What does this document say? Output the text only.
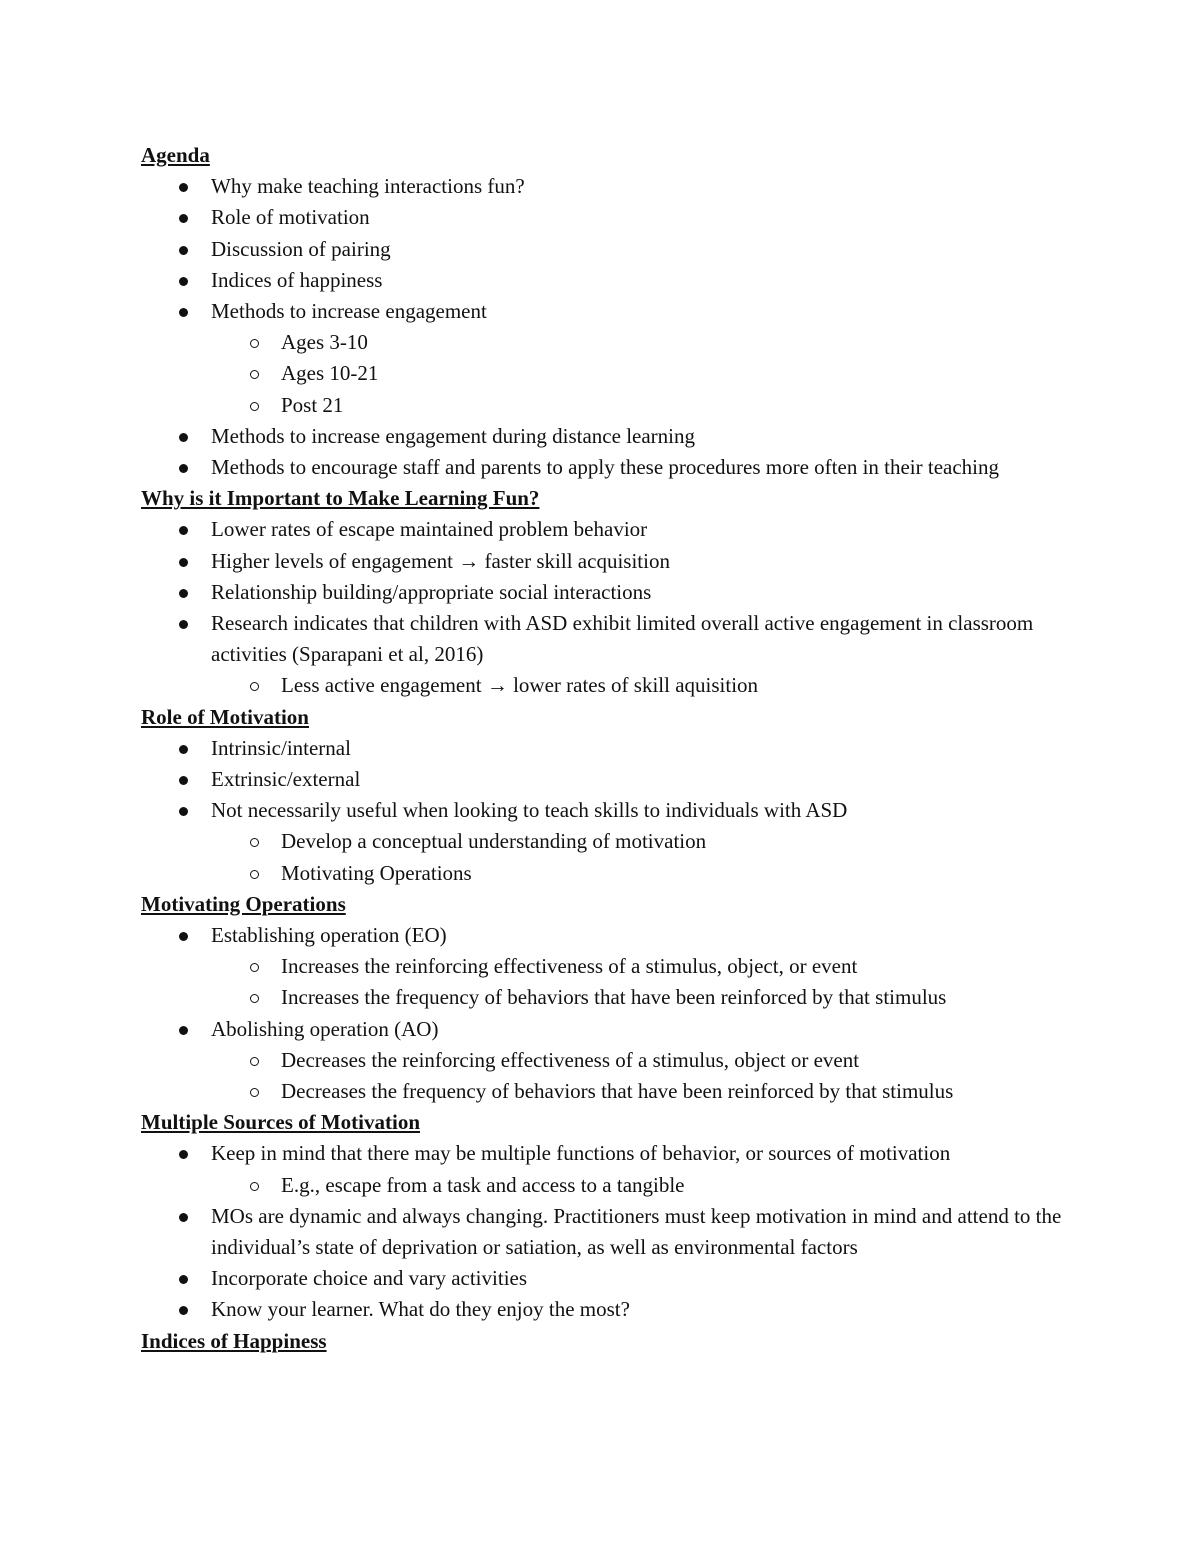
Agenda
Why make teaching interactions fun?
Role of motivation
Discussion of pairing
Indices of happiness
Methods to increase engagement
Ages 3-10
Ages 10-21
Post 21
Methods to increase engagement during distance learning
Methods to encourage staff and parents to apply these procedures more often in their teaching
Why is it Important to Make Learning Fun?
Lower rates of escape maintained problem behavior
Higher levels of engagement → faster skill acquisition
Relationship building/appropriate social interactions
Research indicates that children with ASD exhibit limited overall active engagement in classroom activities (Sparapani et al, 2016)
Less active engagement → lower rates of skill aquisition
Role of Motivation
Intrinsic/internal
Extrinsic/external
Not necessarily useful when looking to teach skills to individuals with ASD
Develop a conceptual understanding of motivation
Motivating Operations
Motivating Operations
Establishing operation (EO)
Increases the reinforcing effectiveness of a stimulus, object, or event
Increases the frequency of behaviors that have been reinforced by that stimulus
Abolishing operation (AO)
Decreases the reinforcing effectiveness of a stimulus, object or event
Decreases the frequency of behaviors that have been reinforced by that stimulus
Multiple Sources of Motivation
Keep in mind that there may be multiple functions of behavior, or sources of motivation
E.g., escape from a task and access to a tangible
MOs are dynamic and always changing. Practitioners must keep motivation in mind and attend to the individual’s state of deprivation or satiation, as well as environmental factors
Incorporate choice and vary activities
Know your learner. What do they enjoy the most?
Indices of Happiness
